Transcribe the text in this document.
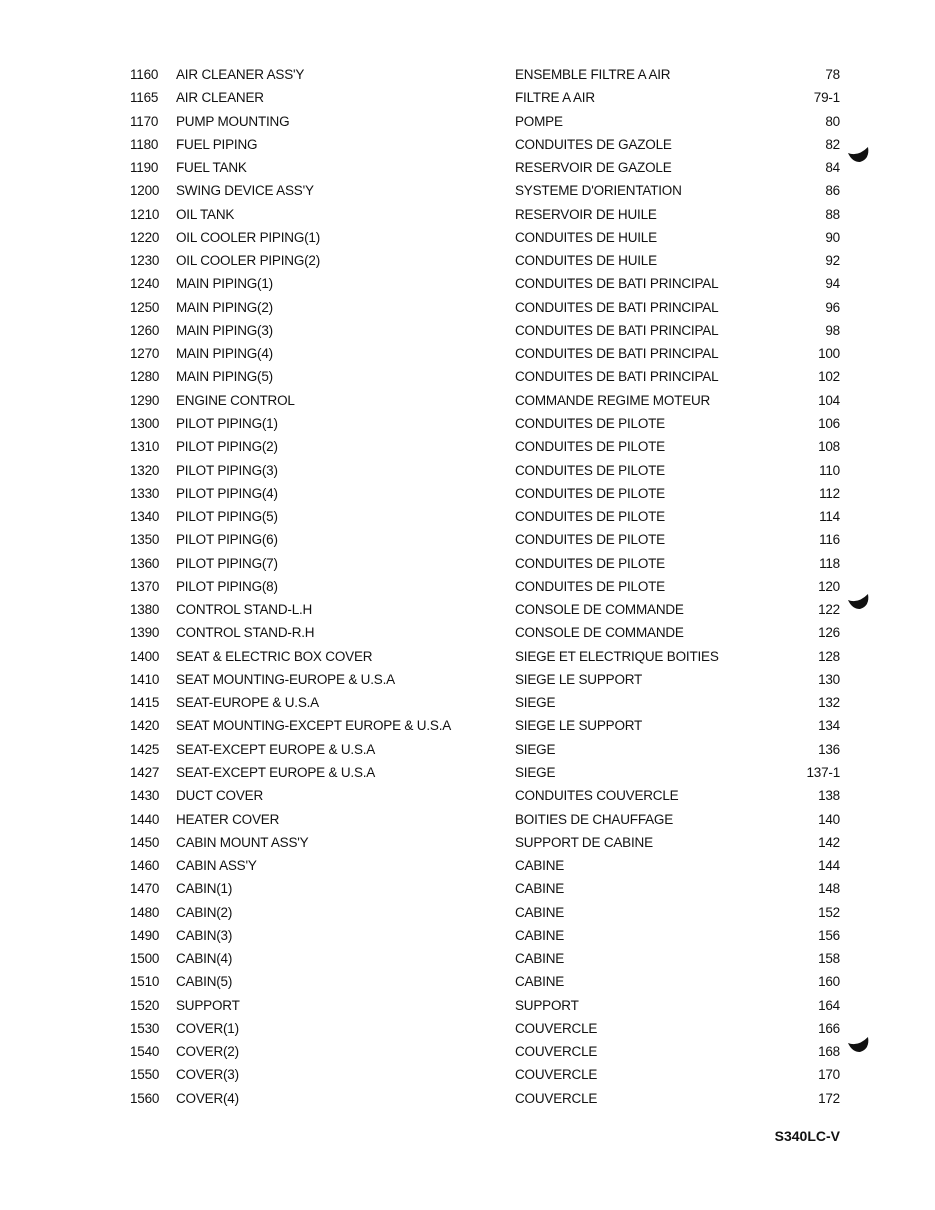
1160 AIR CLEANER ASS'Y	ENSEMBLE FILTRE A AIR	78
1165 AIR CLEANER	FILTRE A AIR	79-1
1170 PUMP MOUNTING	POMPE	80
1180 FUEL PIPING	CONDUITES DE GAZOLE	82
1190 FUEL TANK	RESERVOIR DE GAZOLE	84
1200 SWING DEVICE ASS'Y	SYSTEME D'ORIENTATION	86
1210 OIL TANK	RESERVOIR DE HUILE	88
1220 OIL COOLER PIPING(1)	CONDUITES DE HUILE	90
1230 OIL COOLER PIPING(2)	CONDUITES DE HUILE	92
1240 MAIN PIPING(1)	CONDUITES DE BATI PRINCIPAL	94
1250 MAIN PIPING(2)	CONDUITES DE BATI PRINCIPAL	96
1260 MAIN PIPING(3)	CONDUITES DE BATI PRINCIPAL	98
1270 MAIN PIPING(4)	CONDUITES DE BATI PRINCIPAL	100
1280 MAIN PIPING(5)	CONDUITES DE BATI PRINCIPAL	102
1290 ENGINE CONTROL	COMMANDE REGIME MOTEUR	104
1300 PILOT PIPING(1)	CONDUITES DE PILOTE	106
1310 PILOT PIPING(2)	CONDUITES DE PILOTE	108
1320 PILOT PIPING(3)	CONDUITES DE PILOTE	110
1330 PILOT PIPING(4)	CONDUITES DE PILOTE	112
1340 PILOT PIPING(5)	CONDUITES DE PILOTE	114
1350 PILOT PIPING(6)	CONDUITES DE PILOTE	116
1360 PILOT PIPING(7)	CONDUITES DE PILOTE	118
1370 PILOT PIPING(8)	CONDUITES DE PILOTE	120
1380 CONTROL STAND-L.H	CONSOLE DE COMMANDE	122
1390 CONTROL STAND-R.H	CONSOLE DE COMMANDE	126
1400 SEAT & ELECTRIC BOX COVER	SIEGE ET ELECTRIQUE BOITIES	128
1410 SEAT MOUNTING-EUROPE & U.S.A	SIEGE LE SUPPORT	130
1415 SEAT-EUROPE & U.S.A	SIEGE	132
1420 SEAT MOUNTING-EXCEPT EUROPE & U.S.A	SIEGE LE SUPPORT	134
1425 SEAT-EXCEPT EUROPE & U.S.A	SIEGE	136
1427 SEAT-EXCEPT EUROPE & U.S.A	SIEGE	137-1
1430 DUCT COVER	CONDUITES COUVERCLE	138
1440 HEATER COVER	BOITIES DE CHAUFFAGE	140
1450 CABIN MOUNT ASS'Y	SUPPORT DE CABINE	142
1460 CABIN ASS'Y	CABINE	144
1470 CABIN(1)	CABINE	148
1480 CABIN(2)	CABINE	152
1490 CABIN(3)	CABINE	156
1500 CABIN(4)	CABINE	158
1510 CABIN(5)	CABINE	160
1520 SUPPORT	SUPPORT	164
1530 COVER(1)	COUVERCLE	166
1540 COVER(2)	COUVERCLE	168
1550 COVER(3)	COUVERCLE	170
1560 COVER(4)	COUVERCLE	172
S340LC-V
